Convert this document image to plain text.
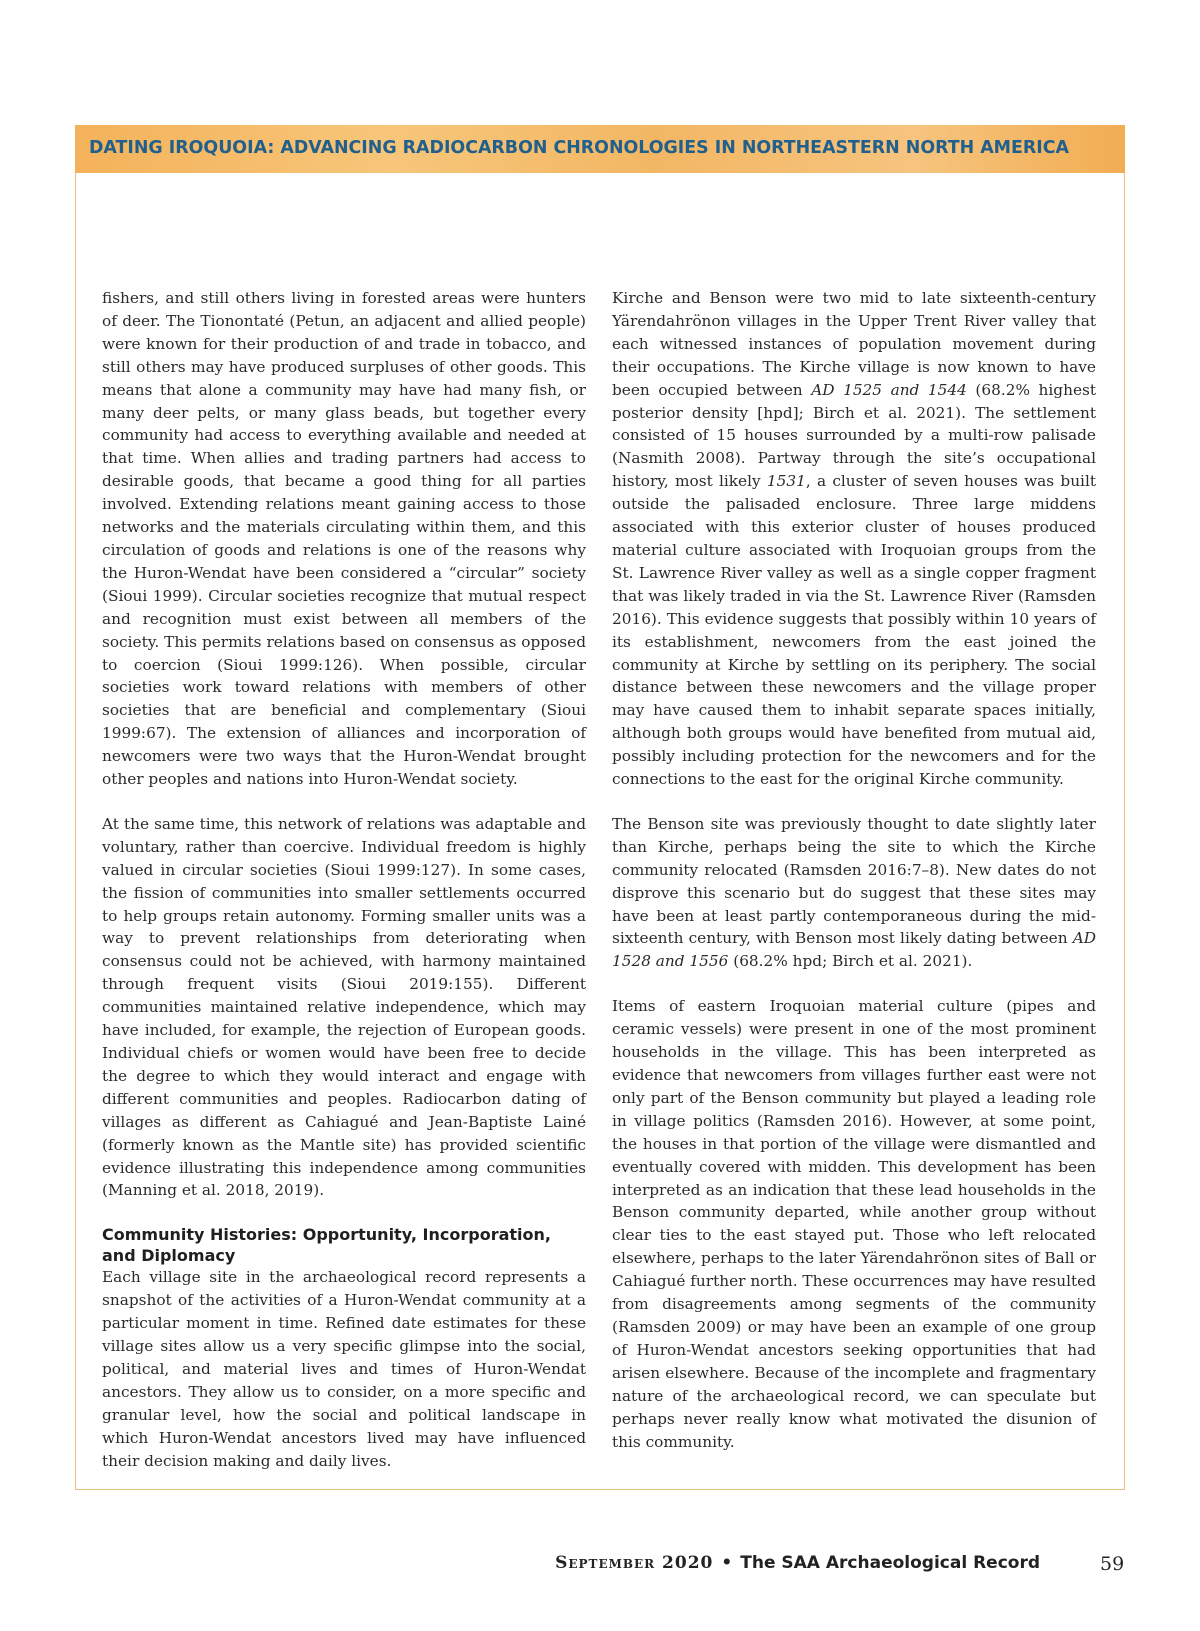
DATING IROQUOIA: ADVANCING RADIOCARBON CHRONOLOGIES IN NORTHEASTERN NORTH AMERICA

fishers, and still others living in forested areas were hunters of deer. The Tionontaté (Petun, an adjacent and allied people) were known for their production of and trade in tobacco, and still others may have produced surpluses of other goods. This means that alone a community may have had many fish, or many deer pelts, or many glass beads, but together every community had access to everything available and needed at that time. When allies and trading partners had access to desirable goods, that became a good thing for all parties involved. Extending relations meant gaining access to those networks and the materials circulating within them, and this circulation of goods and relations is one of the reasons why the Huron-Wendat have been considered a “circular” society (Sioui 1999). Circular societies recognize that mutual respect and recognition must exist between all members of the society. This permits relations based on consensus as opposed to coercion (Sioui 1999:126). When possible, circular societies work toward relations with members of other societies that are beneficial and complementary (Sioui 1999:67). The extension of alliances and incorporation of newcomers were two ways that the Huron-Wendat brought other peoples and nations into Huron-Wendat society.

At the same time, this network of relations was adaptable and voluntary, rather than coercive. Individual freedom is highly valued in circular societies (Sioui 1999:127). In some cases, the fission of communities into smaller settlements occurred to help groups retain autonomy. Forming smaller units was a way to prevent relationships from deteriorating when consensus could not be achieved, with harmony maintained through frequent visits (Sioui 2019:155). Different communities maintained relative independence, which may have included, for example, the rejection of European goods. Individual chiefs or women would have been free to decide the degree to which they would interact and engage with different communities and peoples. Radiocarbon dating of villages as different as Cahiagué and Jean-Baptiste Lainé (formerly known as the Mantle site) has provided scientific evidence illustrating this independence among communities (Manning et al. 2018, 2019).

Community Histories: Opportunity, Incorporation, and Diplomacy

Each village site in the archaeological record represents a snapshot of the activities of a Huron-Wendat community at a particular moment in time. Refined date estimates for these village sites allow us a very specific glimpse into the social, political, and material lives and times of Huron-Wendat ancestors. They allow us to consider, on a more specific and granular level, how the social and political landscape in which Huron-Wendat ancestors lived may have influenced their decision making and daily lives.

Kirche and Benson were two mid to late sixteenth-century Yärendahrönon villages in the Upper Trent River valley that each witnessed instances of population movement during their occupations. The Kirche village is now known to have been occupied between AD 1525 and 1544 (68.2% highest posterior density [hpd]; Birch et al. 2021). The settlement consisted of 15 houses surrounded by a multi-row palisade (Nasmith 2008). Partway through the site’s occupational history, most likely 1531, a cluster of seven houses was built outside the palisaded enclosure. Three large middens associated with this exterior cluster of houses produced material culture associated with Iroquoian groups from the St. Lawrence River valley as well as a single copper fragment that was likely traded in via the St. Lawrence River (Ramsden 2016). This evidence suggests that possibly within 10 years of its establishment, newcomers from the east joined the community at Kirche by settling on its periphery. The social distance between these newcomers and the village proper may have caused them to inhabit separate spaces initially, although both groups would have benefited from mutual aid, possibly including protection for the newcomers and for the connections to the east for the original Kirche community.

The Benson site was previously thought to date slightly later than Kirche, perhaps being the site to which the Kirche community relocated (Ramsden 2016:7–8). New dates do not disprove this scenario but do suggest that these sites may have been at least partly contemporaneous during the mid-sixteenth century, with Benson most likely dating between AD 1528 and 1556 (68.2% hpd; Birch et al. 2021).

Items of eastern Iroquoian material culture (pipes and ceramic vessels) were present in one of the most prominent households in the village. This has been interpreted as evidence that newcomers from villages further east were not only part of the Benson community but played a leading role in village politics (Ramsden 2016). However, at some point, the houses in that portion of the village were dismantled and eventually covered with midden. This development has been interpreted as an indication that these lead households in the Benson community departed, while another group without clear ties to the east stayed put. Those who left relocated elsewhere, perhaps to the later Yärendahrönon sites of Ball or Cahiagué further north. These occurrences may have resulted from disagreements among segments of the community (Ramsden 2009) or may have been an example of one group of Huron-Wendat ancestors seeking opportunities that had arisen elsewhere. Because of the incomplete and fragmentary nature of the archaeological record, we can speculate but perhaps never really know what motivated the disunion of this community.

September 2020 • The SAA Archaeological Record	59
